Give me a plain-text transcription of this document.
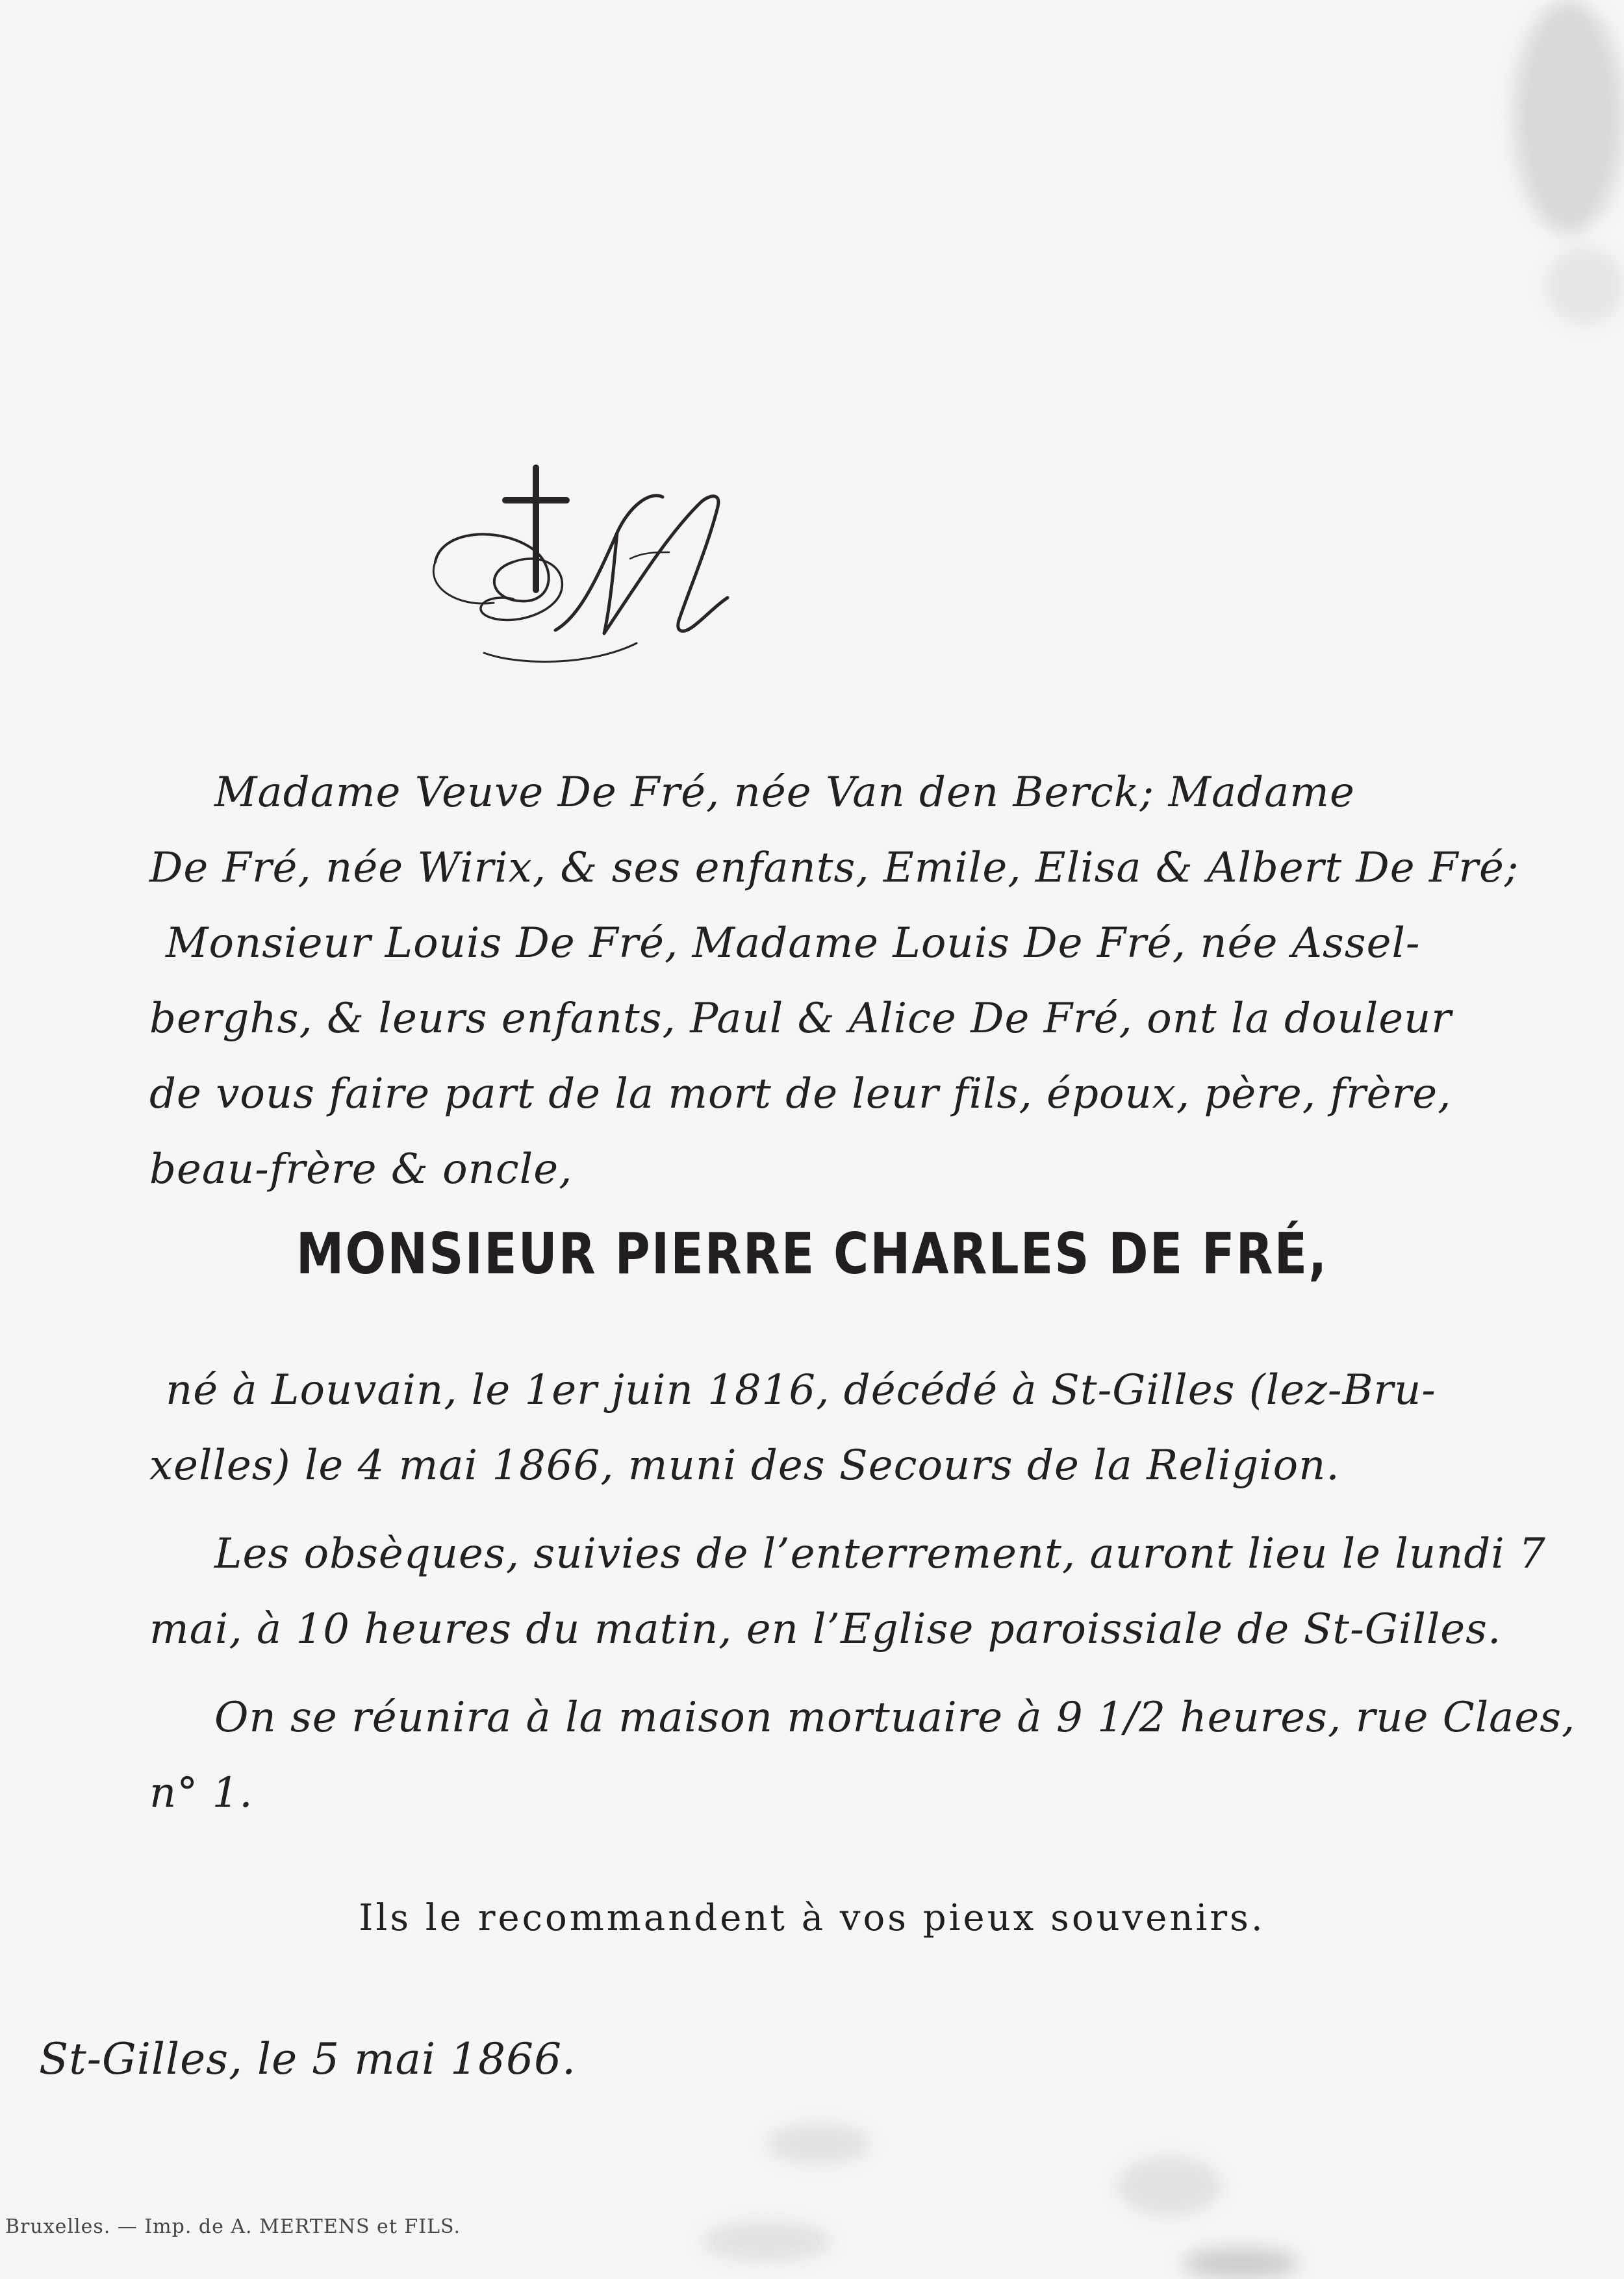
Madame Veuve De Fré, née Van den Berck; Madame
De Fré, née Wirix, & ses enfants, Emile, Elisa & Albert De Fré;
Monsieur Louis De Fré, Madame Louis De Fré, née Assel-
berghs, & leurs enfants, Paul & Alice De Fré, ont la douleur
de vous faire part de la mort de leur fils, époux, père, frère,
beau-frère & oncle,
MONSIEUR PIERRE CHARLES DE FRÉ,
né à Louvain, le 1er juin 1816, décédé à St-Gilles (lez-Bru-
xelles) le 4 mai 1866, muni des Secours de la Religion.
Les obsèques, suivies de l’enterrement, auront lieu le lundi 7
mai, à 10 heures du matin, en l’Eglise paroissiale de St-Gilles.
On se réunira à la maison mortuaire à 9 1/2 heures, rue Claes,
n° 1.
Ils le recommandent à vos pieux souvenirs.
St-Gilles, le 5 mai 1866.
Bruxelles. — Imp. de A. MERTENS et FILS.
